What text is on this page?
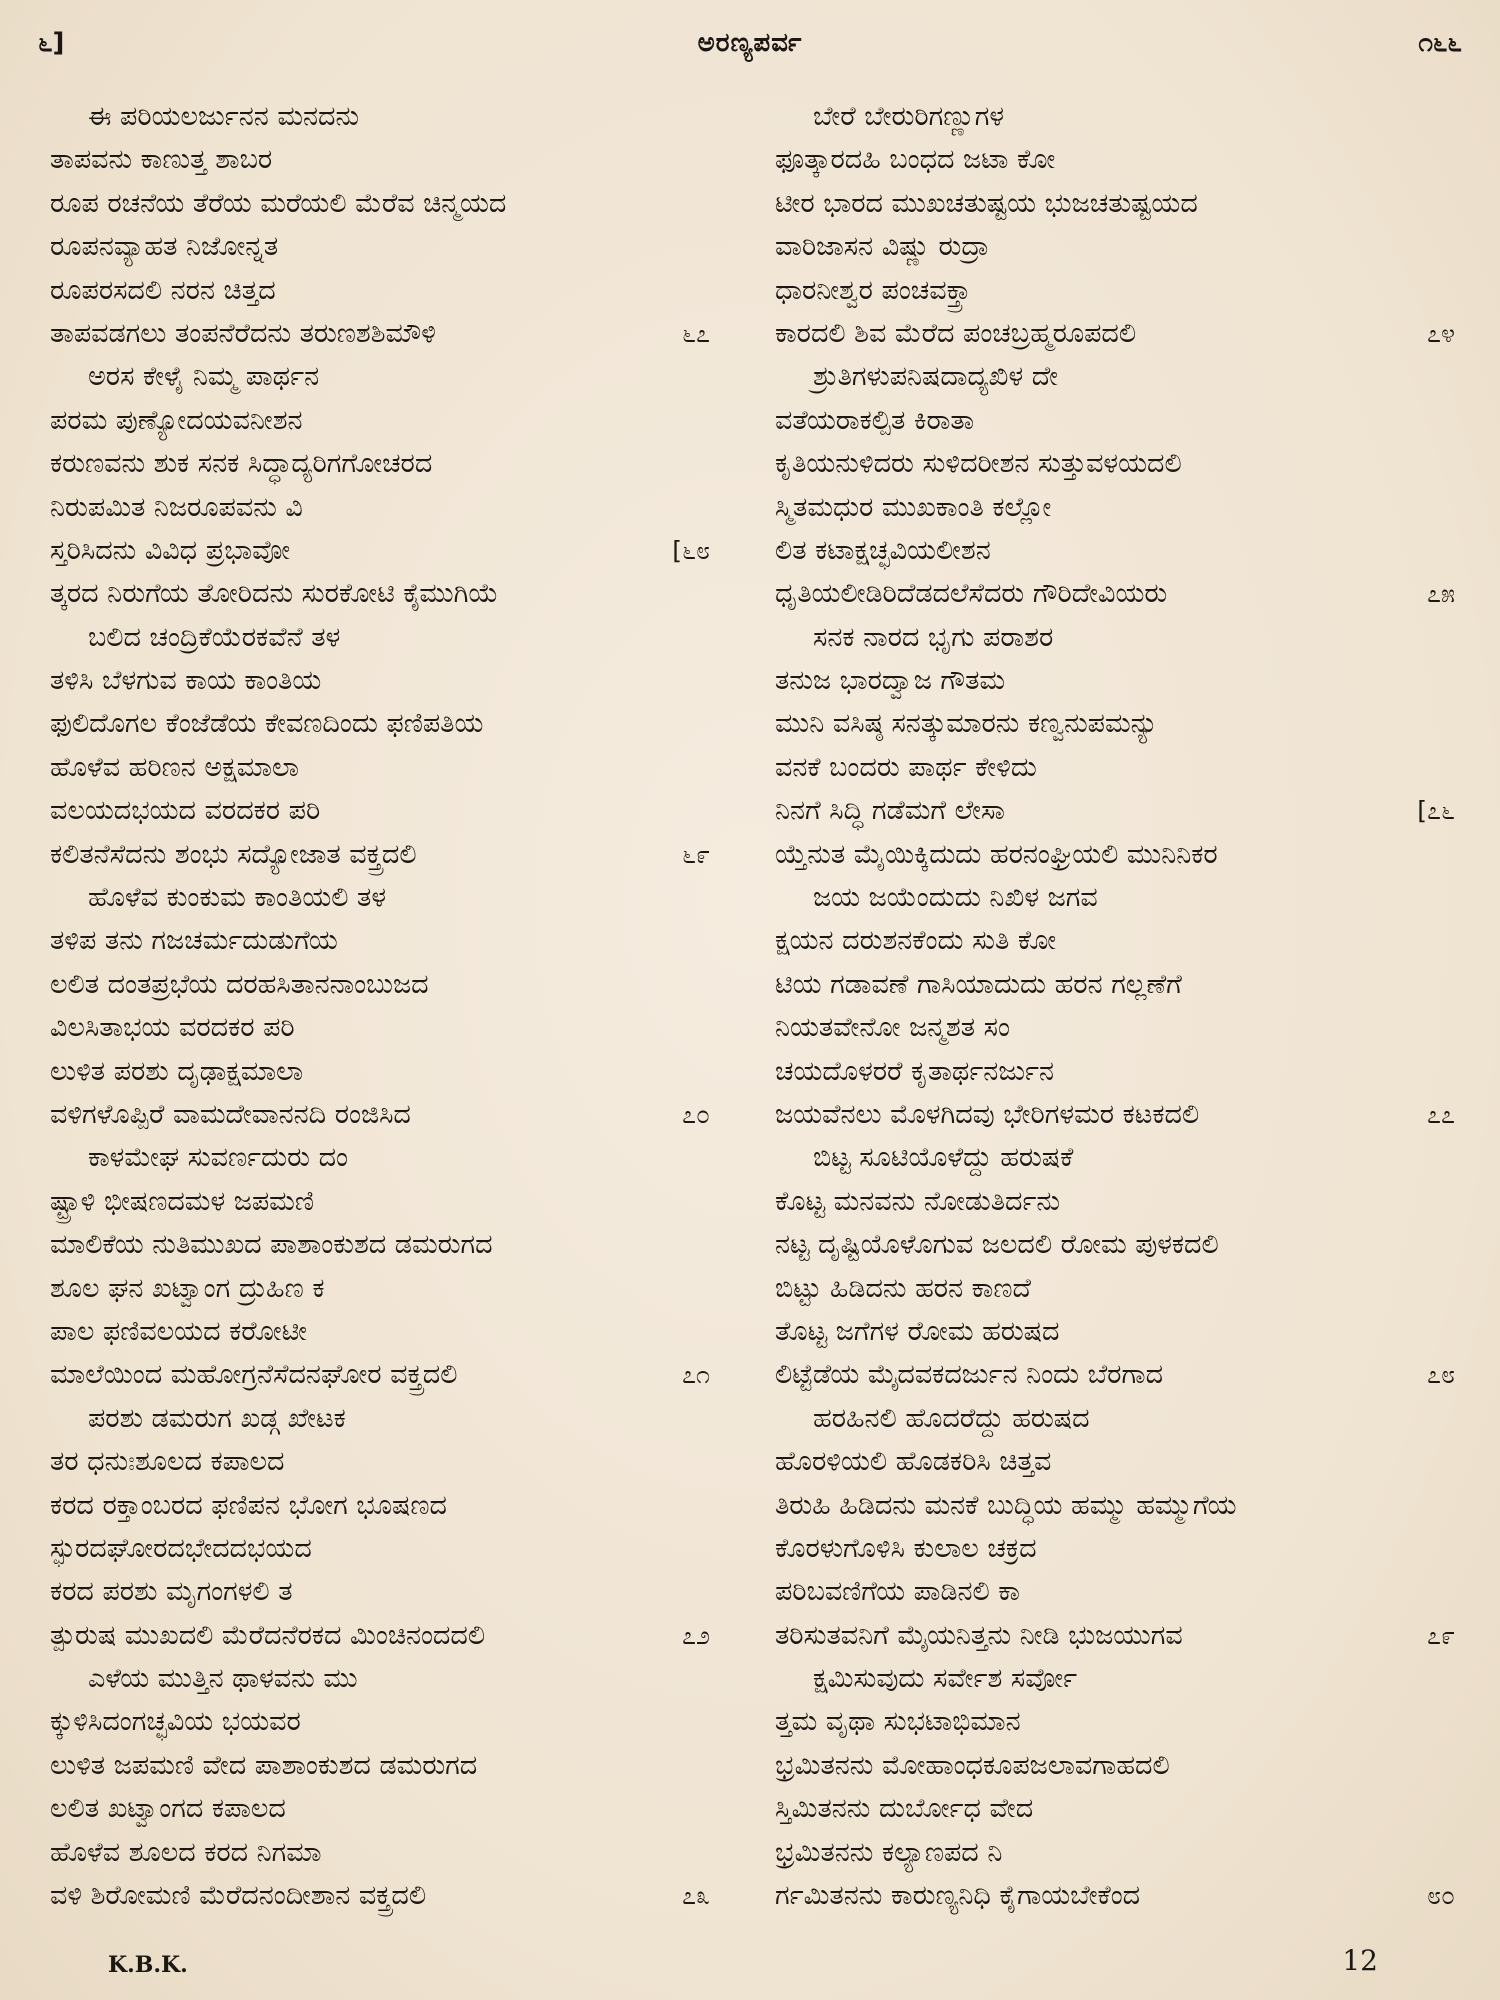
೬]	ಅರಣ್ಯಪರ್ವ	೧೬೬
ಈ ಪರಿಯಲರ್ಜುನನ ಮನದನು
ತಾಪವನು ಕಾಣುತ್ತ ಶಾಬರ
ರೂಪ ರಚನೆಯ ತೆರೆಯ ಮರೆಯಲಿ ಮೆರೆವ ಚಿನ್ಮಯದ
ರೂಪನವ್ಯಾಹತ ನಿಜೋನ್ನತ
ರೂಪರಸದಲಿ ನರನ ಚಿತ್ತದ
ತಾಪವಡಗಲು ತಂಪನೆರೆದನು ತರುಣಶಶಿಮೌಳಿ	೬೭
ಅರಸ ಕೇಳೈ ನಿಮ್ಮ ಪಾರ್ಥನ
ಪರಮ ಪುಣ್ಯೋದಯವನೀಶನ
ಕರುಣವನು ಶುಕ ಸನಕ ಸಿದ್ಧಾದ್ಯರಿಗಗೋಚರದ
ನಿರುಪಮಿತ ನಿಜರೂಪವನು ವಿ
ಸ್ತರಿಸಿದನು ವಿವಿಧ ಪ್ರಭಾವೋ	[೬೮
ತ್ಕರದ ನಿರುಗೆಯ ತೋರಿದನು ಸುರಕೋಟಿ ಕೈಮುಗಿಯೆ
ಬಲಿದ ಚಂದ್ರಿಕೆಯೆರಕವೆನೆ ತಳ
ತಳಿಸಿ ಬೆಳಗುವ ಕಾಯ ಕಾಂತಿಯ
ಫುಲಿದೊಗಲ ಕೆಂಜೆಡೆಯ ಕೇವಣದಿಂದು ಫಣಿಪತಿಯ
ಹೊಳೆವ ಹರಿಣನ ಅಕ್ಷಮಾಲಾ
ವಲಯದಭಯದ ವರದಕರ ಪರಿ
ಕಲಿತನೆಸೆದನು ಶಂಭು ಸದ್ಯೋಜಾತ ವಕ್ತ್ರದಲಿ	೬೯
ಹೊಳೆವ ಕುಂಕುಮ ಕಾಂತಿಯಲಿ ತಳ
ತಳಿಪ ತನು ಗಜಚರ್ಮದುಡುಗೆಯ
ಲಲಿತ ದಂತಪ್ರಭೆಯ ದರಹಸಿತಾನನಾಂಬುಜದ
ವಿಲಸಿತಾಭಯ ವರದಕರ ಪರಿ
ಲುಳಿತ ಪರಶು ದೃಢಾಕ್ಷಮಾಲಾ
ವಳಿಗಳೊಪ್ಪಿರೆ ವಾಮದೇವಾನನದಿ ರಂಜಿಸಿದ	೭೦
ಕಾಳಮೇಘ ಸುವರ್ಣದುರು ದಂ
ಷ್ಟ್ರಾಳಿ ಭೀಷಣದಮಳ ಜಪಮಣಿ
ಮಾಲಿಕೆಯ ನುತಿಮುಖದ ಪಾಶಾಂಕುಶದ ಡಮರುಗದ
ಶೂಲ ಘನ ಖಟ್ವಾಂಗ ದ್ರುಹಿಣ ಕ
ಪಾಲ ಫಣಿವಲಯದ ಕರೋಟೀ
ಮಾಲೆಯಿಂದ ಮಹೋಗ್ರನೆಸೆದನಘೋರ ವಕ್ತ್ರದಲಿ	೭೧
ಪರಶು ಡಮರುಗ ಖಡ್ಗ ಖೇಟಕ
ತರ ಧನುಃಶೂಲದ ಕಪಾಲದ
ಕರದ ರಕ್ತಾಂಬರದ ಫಣಿಪನ ಭೋಗ ಭೂಷಣದ
ಸ್ಫುರದಘೋರದಭೇದದಭಯದ
ಕರದ ಪರಶು ಮೃಗಂಗಳಲಿ ತ
ತ್ಪುರುಷ ಮುಖದಲಿ ಮೆರೆದನೆರಕದ ಮಿಂಚಿನಂದದಲಿ	೭೨
ಎಳೆಯ ಮುತ್ತಿನ ಥಾಳವನು ಮು
ಕ್ಕುಳಿಸಿದಂಗಚ್ಛವಿಯ ಭಯವರ
ಲುಳಿತ ಜಪಮಣಿ ವೇದ ಪಾಶಾಂಕುಶದ ಡಮರುಗದ
ಲಲಿತ ಖಟ್ವಾಂಗದ ಕಪಾಲದ
ಹೊಳೆವ ಶೂಲದ ಕರದ ನಿಗಮಾ
ವಳಿ ಶಿರೋಮಣಿ ಮೆರೆದನಂದೀಶಾನ ವಕ್ತ್ರದಲಿ	೭೩
ಬೇರೆ ಬೇರುರಿಗಣ್ಣುಗಳ
ಫೂತ್ಕಾರದಹಿ ಬಂಧದ ಜಟಾ ಕೋ
ಟೀರ ಭಾರದ ಮುಖಚತುಷ್ಟಯ ಭುಜಚತುಷ್ಟಯದ
ವಾರಿಜಾಸನ ವಿಷ್ಣು ರುದ್ರಾ
ಧಾರನೀಶ್ವರ ಪಂಚವಕ್ತ್ರಾ
ಕಾರದಲಿ ಶಿವ ಮೆರೆದ ಪಂಚಬ್ರಹ್ಮರೂಪದಲಿ	೭೪
ಶ್ರುತಿಗಳುಪನಿಷದಾದ್ಯಖಿಳ ದೇ
ವತೆಯರಾಕಲ್ಪಿತ ಕಿರಾತಾ
ಕೃತಿಯನುಳಿದರು ಸುಳಿದರೀಶನ ಸುತ್ತುವಳಯದಲಿ
ಸ್ಮಿತಮಧುರ ಮುಖಕಾಂತಿ ಕಲ್ಲೋ
ಲಿತ ಕಟಾಕ್ಷಚ್ಛವಿಯಲೀಶನ
ಧೃತಿಯಲೀಡಿರಿದೆಡದಲೆಸೆದರು ಗೌರಿದೇವಿಯರು	೭೫
ಸನಕ ನಾರದ ಭೃಗು ಪರಾಶರ
ತನುಜ ಭಾರದ್ವಾಜ ಗೌತಮ
ಮುನಿ ವಸಿಷ್ಠ ಸನತ್ಕುಮಾರನು ಕಣ್ವನುಪಮನ್ಯು
ವನಕೆ ಬಂದರು ಪಾರ್ಥ ಕೇಳಿದು
ನಿನಗೆ ಸಿದ್ಧಿ ಗಡೆಮಗೆ ಲೇಸಾ	[೭೬
ಯ್ತೆನುತ ಮೈಯಿಕ್ಕಿದುದು ಹರನಂಘ್ರಿಯಲಿ ಮುನಿನಿಕರ
ಜಯ ಜಯೆಂದುದು ನಿಖಿಳ ಜಗವ
ಕ್ಷಯನ ದರುಶನಕೆಂದು ಸುತಿ ಕೋ
ಟಿಯ ಗಡಾವಣೆ ಗಾಸಿಯಾದುದು ಹರನ ಗಲ್ಲಣೆಗೆ
ನಿಯತವೇನೋ ಜನ್ಮಶತ ಸಂ
ಚಯದೊಳರರೆ ಕೃತಾರ್ಥನರ್ಜುನ
ಜಯವೆನಲು ಮೊಳಗಿದವು ಭೇರಿಗಳಮರ ಕಟಕದಲಿ	೭೭
ಬಿಟ್ಟ ಸೂಟಿಯೊಳೆದ್ದು ಹರುಷಕೆ
ಕೊಟ್ಟ ಮನವನು ನೋಡುತಿರ್ದನು
ನಟ್ಟ ದೃಷ್ಟಿಯೊಳೊಗುವ ಜಲದಲಿ ರೋಮ ಪುಳಕದಲಿ
ಬಿಟ್ಟು ಹಿಡಿದನು ಹರನ ಕಾಣದೆ
ತೊಟ್ಟ ಜಗೆಗಳ ರೋಮ ಹರುಷದ
ಲಿಟ್ಟೆಡೆಯ ಮೈದವಕದರ್ಜುನ ನಿಂದು ಬೆರಗಾದ	೭೮
ಹರಹಿನಲಿ ಹೊದರೆದ್ದು ಹರುಷದ
ಹೊರಳಿಯಲಿ ಹೊಡಕರಿಸಿ ಚಿತ್ತವ
ತಿರುಹಿ ಹಿಡಿದನು ಮನಕೆ ಬುದ್ಧಿಯ ಹಮ್ಮು ಹಮ್ಮುಗೆಯ
ಕೊರಳುಗೊಳಿಸಿ ಕುಲಾಲ ಚಕ್ರದ
ಪರಿಬವಣಿಗೆಯ ಪಾಡಿನಲಿ ಕಾ
ತರಿಸುತವನಿಗೆ ಮೈಯನಿತ್ತನು ನೀಡಿ ಭುಜಯುಗವ	೭೯
ಕ್ಷಮಿಸುವುದು ಸರ್ವೇಶ ಸರ್ವೋ
ತ್ತಮ ವೃಥಾ ಸುಭಟಾಭಿಮಾನ
ಭ್ರಮಿತನನು ಮೋಹಾಂಧಕೂಪಜಲಾವಗಾಹದಲಿ
ಸ್ತಿಮಿತನನು ದುರ್ಬೋಧ ವೇದ
ಭ್ರಮಿತನನು ಕಲ್ಯಾಣಪದ ನಿ
ರ್ಗಮಿತನನು ಕಾರುಣ್ಯನಿಧಿ ಕೈಗಾಯಬೇಕೆಂದ	೮೦
K.B.K.	12
